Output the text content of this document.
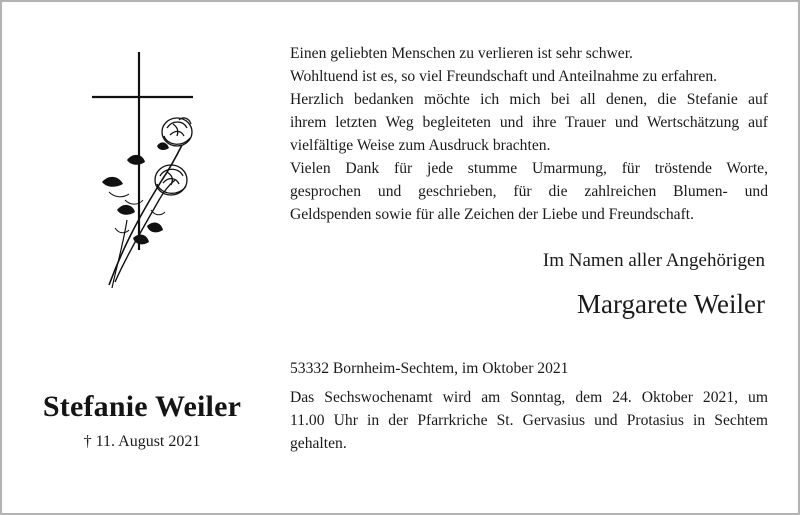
Einen geliebten Menschen zu verlieren ist sehr schwer.

Wohltuend ist es, so viel Freundschaft und Anteilnahme zu erfahren.

Herzlich bedanken möchte ich mich bei all denen, die Stefanie auf

ihrem letzten Weg begleiteten und ihre Trauer und Wertschätzung auf

vielfältige Weise zum Ausdruck brachten.

Vielen Dank für jede stumme Umarmung, für tröstende Worte,

gesprochen und geschrieben, für die zahlreichen Blumen- und

Geldspenden sowie für alle Zeichen der Liebe und Freundschaft.

Im Namen aller Angehörigen
Margarete Weiler
53332 Bornheim-Sechtem, im Oktober 2021

Das Sechswochenamt wird am Sonntag, dem 24. Oktober 2021, um

11.00 Uhr in der Pfarrkriche St. Gervasius und Protasius in Sechtem

gehalten.

Stefanie Weiler
† 11. August 2021
